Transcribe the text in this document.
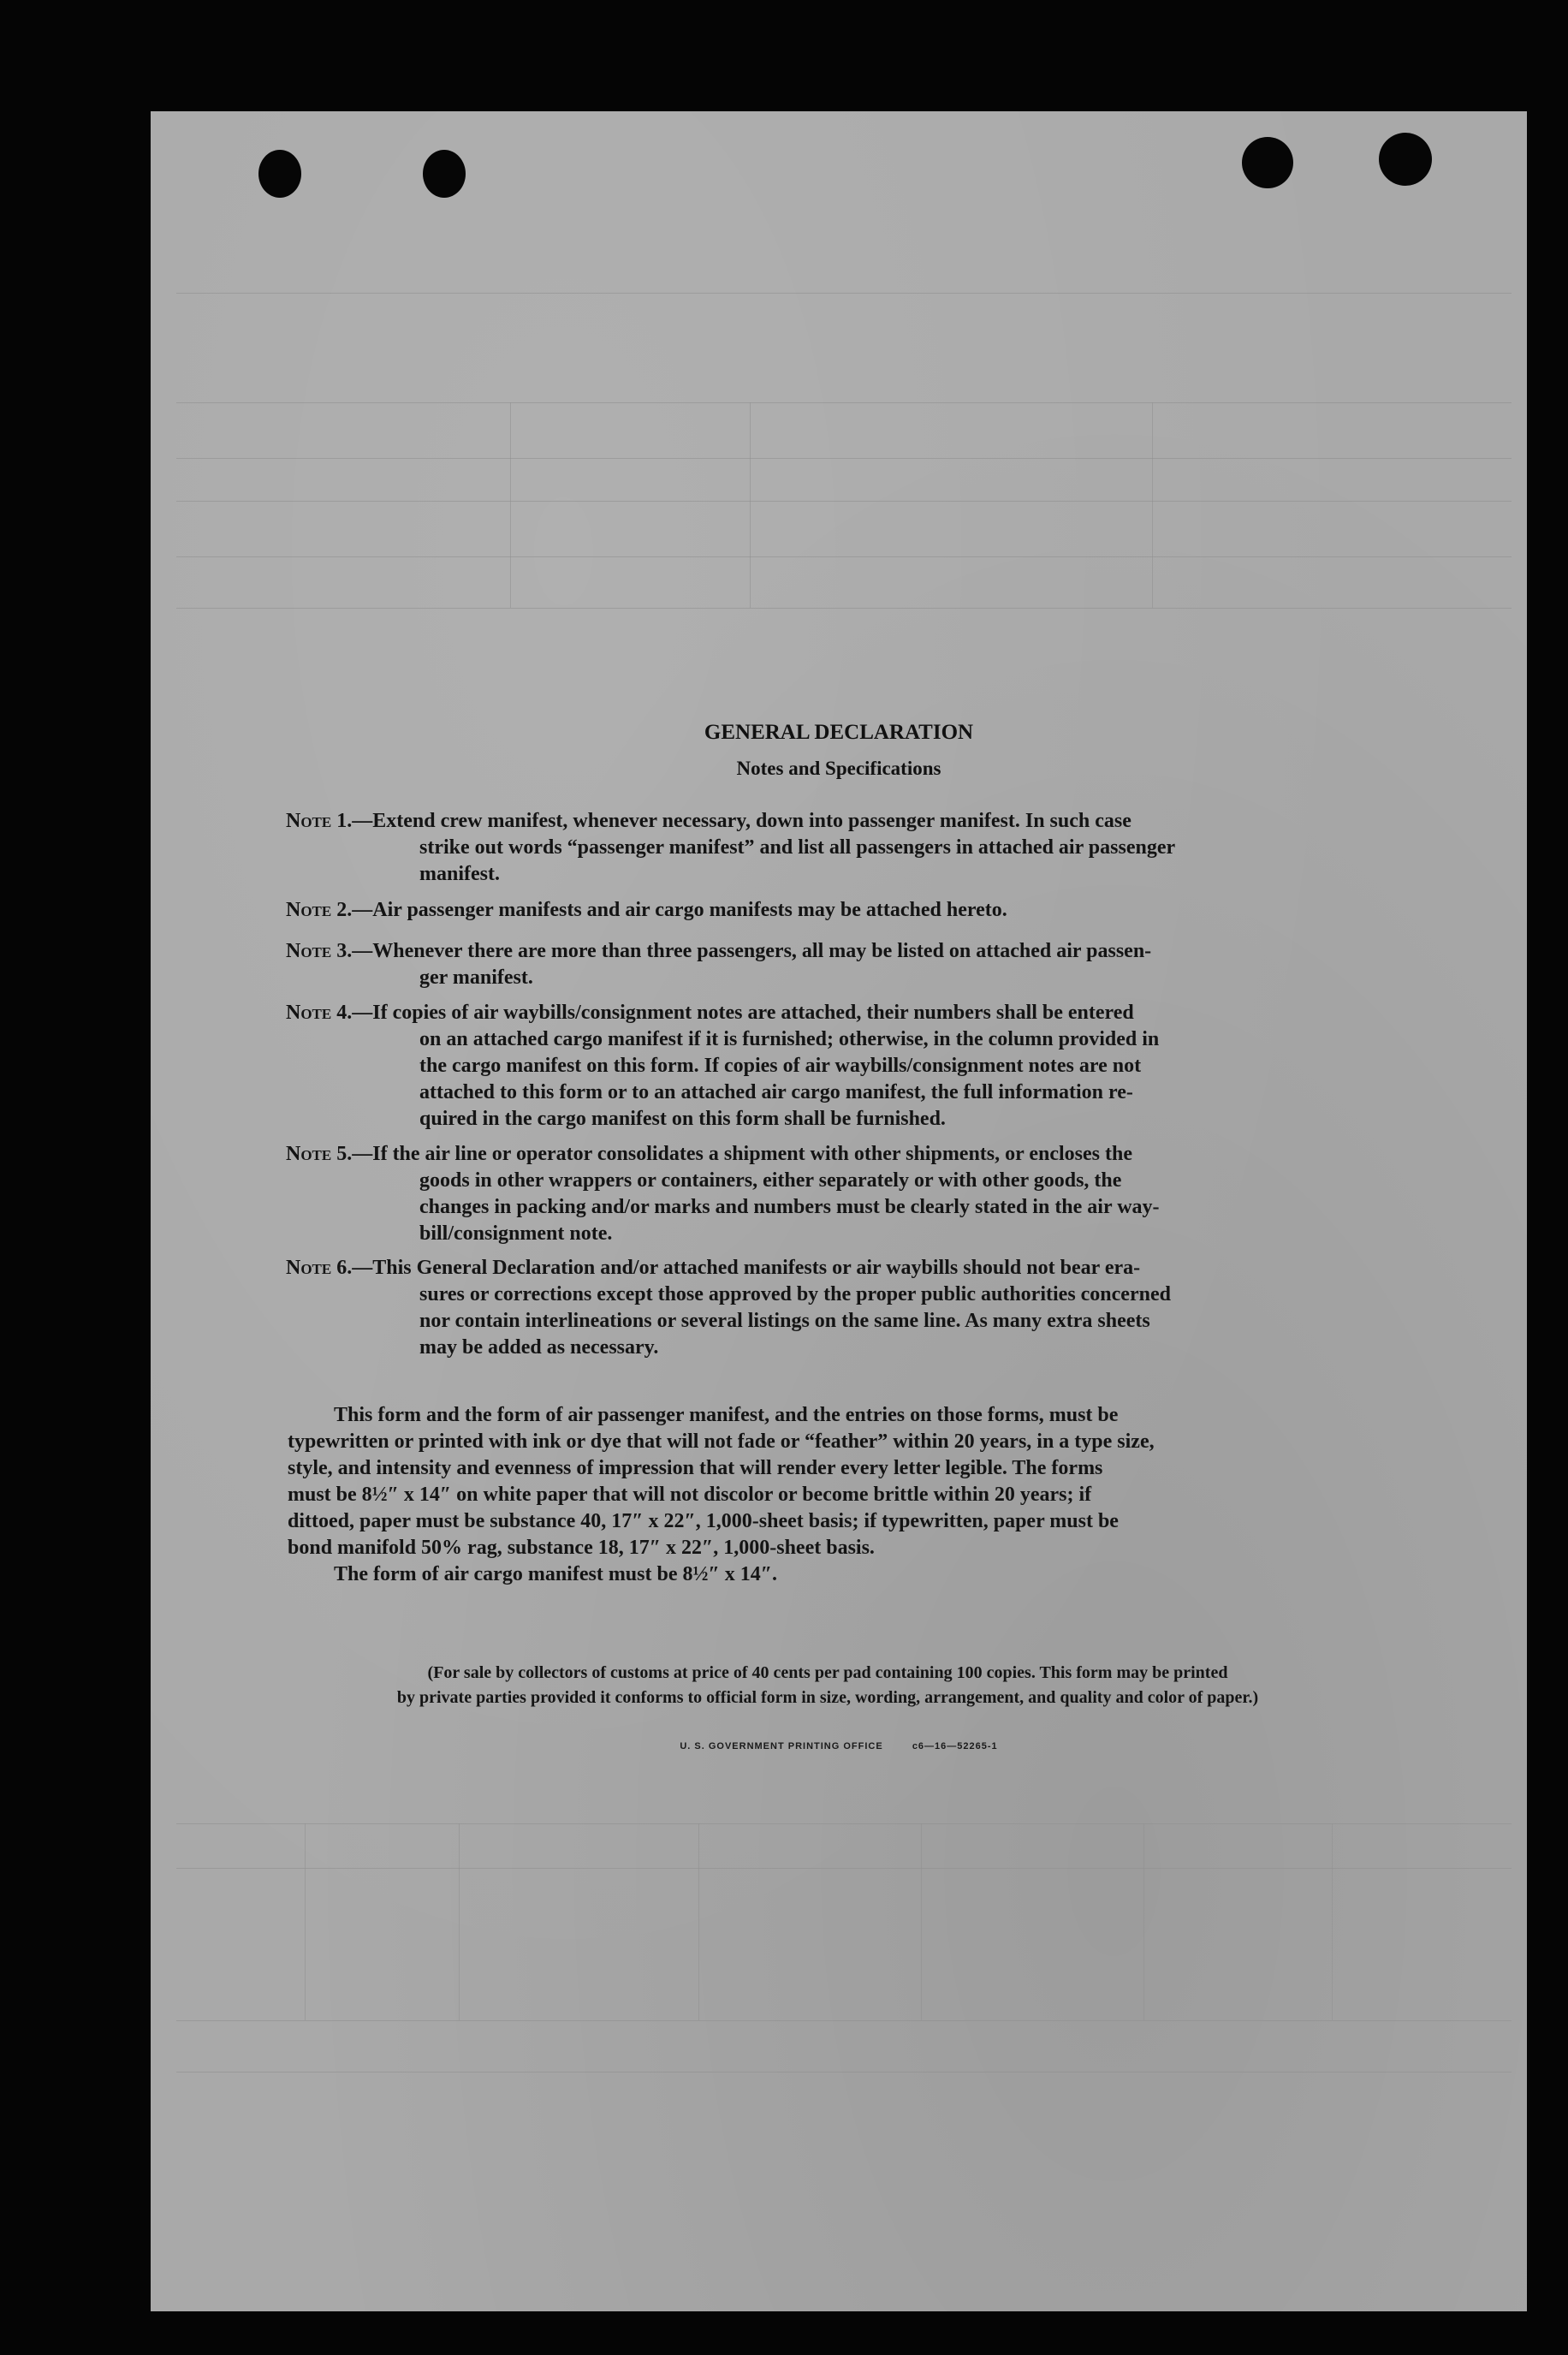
GENERAL DECLARATION
Notes and Specifications
Note 1.—Extend crew manifest, whenever necessary, down into passenger manifest. In such case
strike out words “passenger manifest” and list all passengers in attached air passenger
manifest.
Note 2.—Air passenger manifests and air cargo manifests may be attached hereto.
Note 3.—Whenever there are more than three passengers, all may be listed on attached air passen-
ger manifest.
Note 4.—If copies of air waybills/consignment notes are attached, their numbers shall be entered
on an attached cargo manifest if it is furnished; otherwise, in the column provided in
the cargo manifest on this form. If copies of air waybills/consignment notes are not
attached to this form or to an attached air cargo manifest, the full information re-
quired in the cargo manifest on this form shall be furnished.
Note 5.—If the air line or operator consolidates a shipment with other shipments, or encloses the
goods in other wrappers or containers, either separately or with other goods, the
changes in packing and/or marks and numbers must be clearly stated in the air way-
bill/consignment note.
Note 6.—This General Declaration and/or attached manifests or air waybills should not bear era-
sures or corrections except those approved by the proper public authorities concerned
nor contain interlineations or several listings on the same line. As many extra sheets
may be added as necessary.
This form and the form of air passenger manifest, and the entries on those forms, must be
typewritten or printed with ink or dye that will not fade or “feather” within 20 years, in a type size,
style, and intensity and evenness of impression that will render every letter legible. The forms
must be 8½″ x 14″ on white paper that will not discolor or become brittle within 20 years; if
dittoed, paper must be substance 40, 17″ x 22″, 1,000-sheet basis; if typewritten, paper must be
bond manifold 50% rag, substance 18, 17″ x 22″, 1,000-sheet basis.
The form of air cargo manifest must be 8½″ x 14″.
(For sale by collectors of customs at price of 40 cents per pad containing 100 copies. This form may be printed
by private parties provided it conforms to official form in size, wording, arrangement, and quality and color of paper.)
U. S. GOVERNMENT PRINTING OFFICE	c6—16—52265-1
